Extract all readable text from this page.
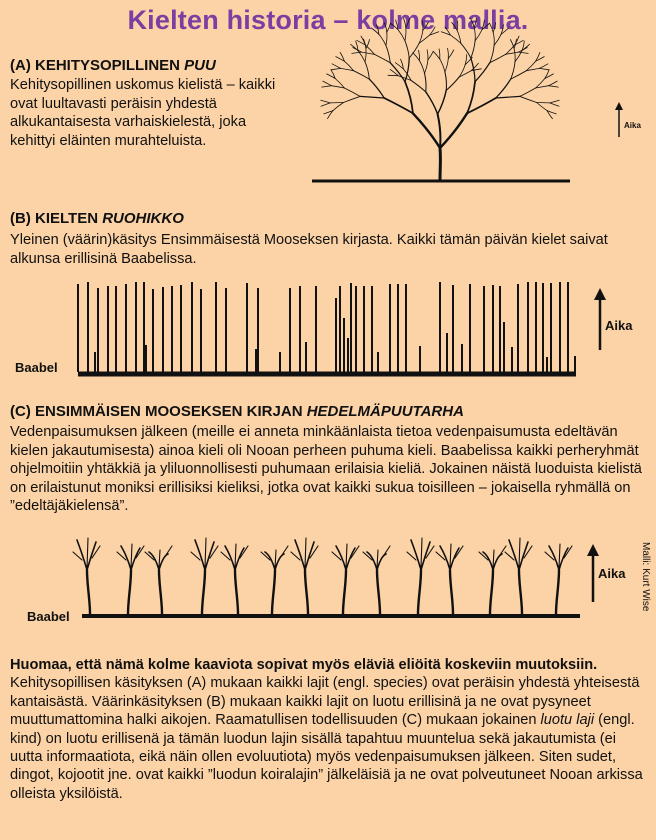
Kielten historia – kolme mallia.
(A) KEHITYSOPILLINEN PUU
Kehitysopillinen uskomus kielistä – kaikki ovat luultavasti peräisin yhdestä alkukantaisesta varhaiskielestä, joka kehittyi eläinten murahteluista.
(B) KIELTEN RUOHIKKO
Yleinen (väärin)käsitys Ensimmäisestä Mooseksen kirjasta. Kaikki tämän päivän kielet saivat alkunsa erillisinä Baabelissa.
(C) ENSIMMÄISEN MOOSEKSEN KIRJAN HEDELMÄPUUTARHA
Vedenpaisumuksen jälkeen (meille ei anneta minkäänlaista tietoa vedenpaisumusta edeltävän kielen jakautumisesta) ainoa kieli oli Nooan perheen puhuma kieli. Baabelissa kaikki perheryhmät ohjelmoitiin yhtäkkiä ja yliluonnollisesti puhumaan erilaisia kieliä. Jokainen näistä luoduista kielistä on erilaistunut moniksi erillisiksi kieliksi, jotka ovat kaikki sukua toisilleen – jokaisella ryhmällä on ”edeltäjäkielensä”.
Huomaa, että nämä kolme kaaviota sopivat myös eläviä eliöitä koskeviin muutoksiin. Kehitysopillisen käsityksen (A) mukaan kaikki lajit (engl. species) ovat peräisin yhdestä yhteisestä kantaisästä. Väärinkäsityksen (B) mukaan kaikki lajit on luotu erillisinä ja ne ovat pysyneet muuttumattomina halki aikojen. Raamatullisen todellisuuden (C) mukaan jokainen luotu laji (engl. kind) on luotu erillisenä ja tämän luodun lajin sisällä tapahtuu muuntelua sekä jakautumista (ei uutta informaatiota, eikä näin ollen evoluutiota) myös vedenpaisumuksen jälkeen. Siten sudet, dingot, kojootit jne. ovat kaikki ”luodun koiralajin” jälkeläisiä ja ne ovat polveutuneet Nooan arkissa olleista yksilöistä.
Aika
Baabel
Aika
Baabel
Aika Malli: Kurt Wise
